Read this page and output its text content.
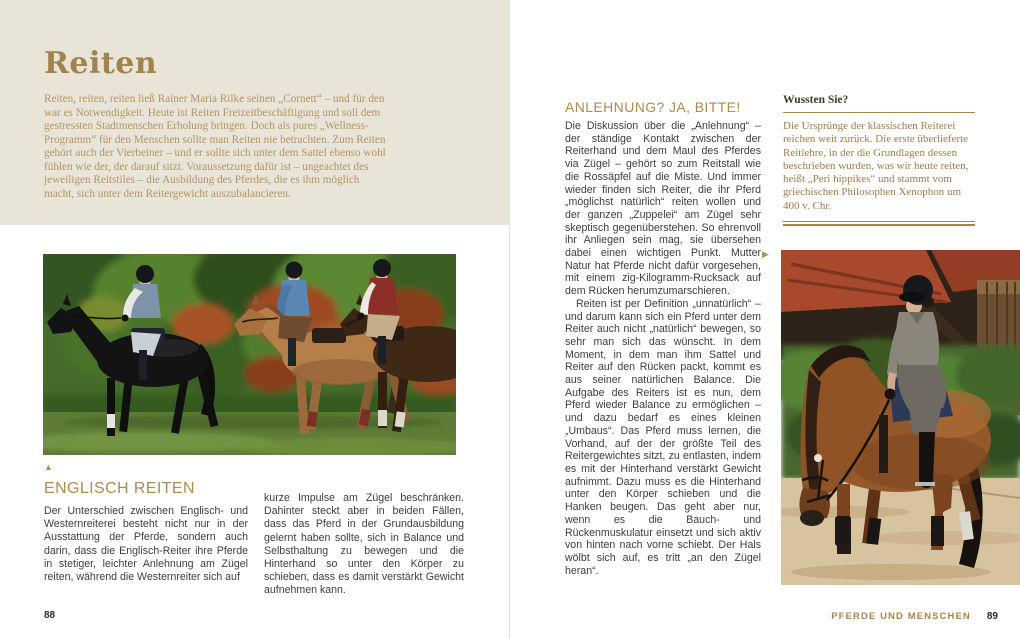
Reiten
Reiten, reiten, reiten ließ Rainer Maria Rilke seinen „Cornett“ – und für den war es Notwendigkeit. Heute ist Reiten Freizeitbeschäftigung und soll dem gestressten Stadtmenschen Erholung bringen. Doch als pures „Wellness-Programm“ für den Menschen sollte man Reiten nie betrachten. Zum Reiten gehört auch der Vierbeiner – und er sollte sich unter dem Sattel ebenso wohl fühlen wie der, der darauf sitzt. Voraussetzung dafür ist – ungeachtet des jeweiligen Reitstiles – die Ausbildung des Pferdes, die es ihm möglich macht, sich unter dem Reitergewicht auszubalancieren.
▲
ENGLISCH REITEN
Der Unterschied zwischen Englisch- und Westernreiterei besteht nicht nur in der Ausstattung der Pferde, sondern auch darin, dass die Englisch-Reiter ihre Pferde in stetiger, leichter Anlehnung am Zügel reiten, während die Westernreiter sich auf
kurze Impulse am Zügel beschränken. Dahinter steckt aber in beiden Fällen, dass das Pferd in der Grundausbildung gelernt haben sollte, sich in Balance und Selbsthaltung zu bewegen und die Hinterhand so unter den Körper zu schieben, dass es damit verstärkt Gewicht aufnehmen kann.
88
ANLEHNUNG? JA, BITTE!

Die Diskussion über die „Anlehnung“ – der ständige Kontakt zwischen der Reiterhand und dem Maul des Pferdes via Zügel – gehört so zum Reitstall wie die Rossäpfel auf die Miste. Und immer wieder finden sich Reiter, die ihr Pferd „möglichst natürlich“ reiten wollen und der ganzen „Zuppelei“ am Zügel sehr skeptisch gegenüberstehen. So ehrenvoll ihr Anliegen sein mag, sie übersehen dabei einen wichtigen Punkt. Mutter Natur hat Pferde nicht dafür vorgesehen, mit einem zig-Kilogramm-Rucksack auf dem Rücken herumzumarschieren.

Reiten ist per Definition „unnatürlich“ – und darum kann sich ein Pferd unter dem Reiter auch nicht „natürlich“ bewegen, so sehr man sich das wünscht. In dem Moment, in dem man ihm Sattel und Reiter auf den Rücken packt, kommt es aus seiner natürlichen Balance. Die Aufgabe des Reiters ist es nun, dem Pferd wieder Balance zu ermöglichen – und dazu bedarf es eines kleinen „Umbaus“. Das Pferd muss lernen, die Vorhand, auf der der größte Teil des Reitergewichtes sitzt, zu entlasten, indem es mit der Hinterhand verstärkt Gewicht aufnimmt. Dazu muss es die Hinterhand unter den Körper schieben und die Hanken beugen. Das geht aber nur, wenn es die Bauch- und Rückenmuskulatur einsetzt und sich aktiv von hinten nach vorne schiebt. Der Hals wölbt sich auf, es tritt „an den Zügel heran“.

Wussten Sie?

Die Ursprünge der klassischen Reiterei reichen weit zurück. Die erste überlieferte Reitlehre, in der die Grundlagen dessen beschrieben wurden, was wir heute reiten, heißt „Peri hippikes“ und stammt vom griechischen Philosophen Xenophon um 400 v. Chr.

▶
PFERDE UND MENSCHEN 89
